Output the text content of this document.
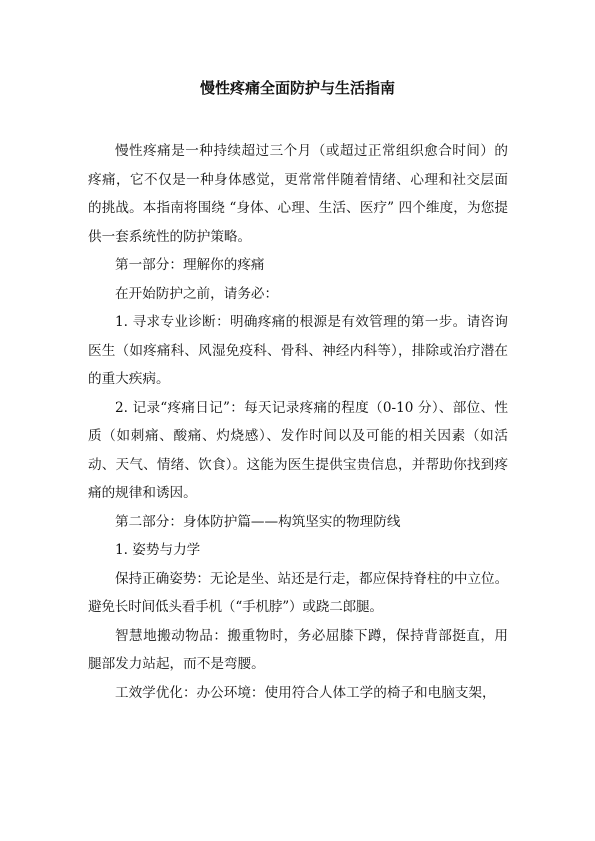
慢性疼痛全面防护与生活指南

慢性疼痛是一种持续超过三个月（或超过正常组织愈合时间）的疼痛，它不仅是一种身体感觉，更常常伴随着情绪、心理和社交层面的挑战。本指南将围绕 “身体、心理、生活、医疗” 四个维度，为您提供一套系统性的防护策略。

第一部分：理解你的疼痛

在开始防护之前，请务必：

1. 寻求专业诊断：明确疼痛的根源是有效管理的第一步。请咨询医生（如疼痛科、风湿免疫科、骨科、神经内科等），排除或治疗潜在的重大疾病。

2. 记录“疼痛日记”：每天记录疼痛的程度（0-10 分）、部位、性质（如刺痛、酸痛、灼烧感）、发作时间以及可能的相关因素（如活动、天气、情绪、饮食）。这能为医生提供宝贵信息，并帮助你找到疼痛的规律和诱因。

第二部分：身体防护篇——构筑坚实的物理防线

1. 姿势与力学

保持正确姿势：无论是坐、站还是行走，都应保持脊柱的中立位。避免长时间低头看手机（“手机脖”）或跷二郎腿。

智慧地搬动物品：搬重物时，务必屈膝下蹲，保持背部挺直，用腿部发力站起，而不是弯腰。

工效学优化：办公环境：使用符合人体工学的椅子和电脑支架，
